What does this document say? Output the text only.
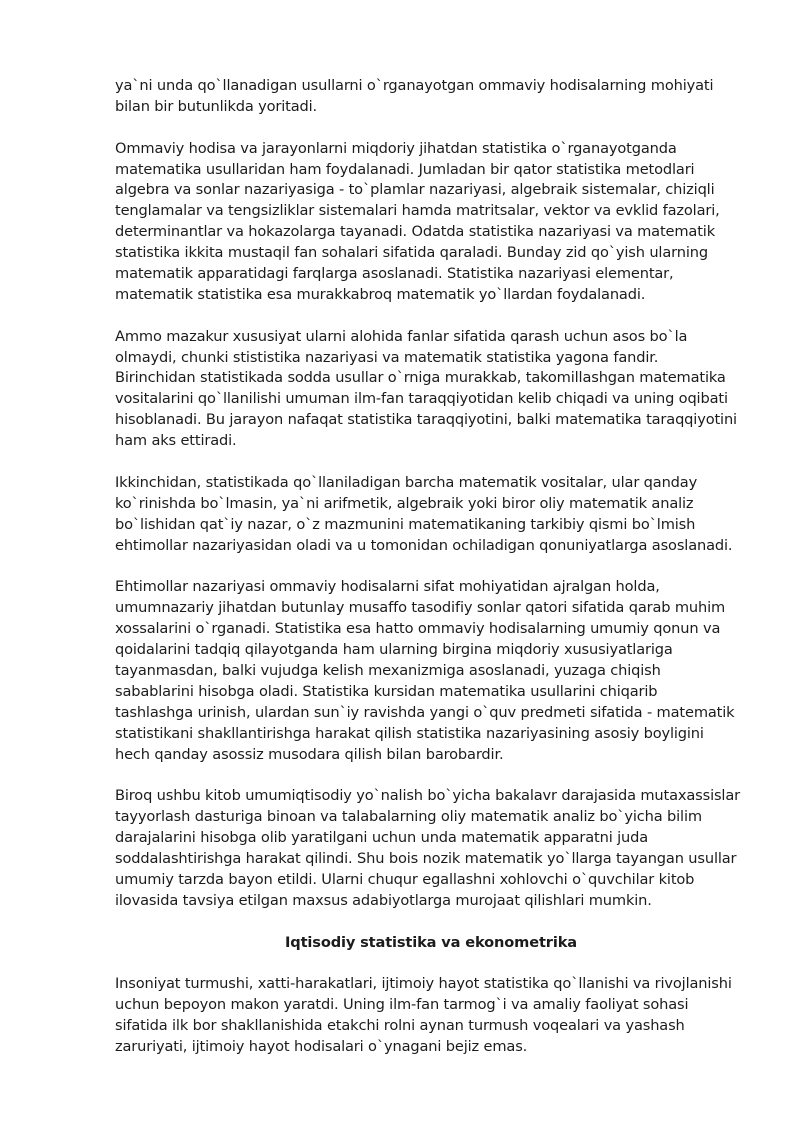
ya`ni unda qo`llanadigan usullarni o`rganayotgan ommaviy hodisalarning mohiyati
bilan bir butunlikda yoritadi.

Ommaviy hodisa va jarayonlarni miqdoriy jihatdan statistika o`rganayotganda
matematika usullaridan ham foydalanadi. Jumladan bir qator statistika metodlari
algebra va sonlar nazariyasiga - to`plamlar nazariyasi, algebraik sistemalar, chiziqli
tenglamalar va tengsizliklar sistemalari hamda matritsalar, vektor va evklid fazolari,
determinantlar va hokazolarga tayanadi. Odatda statistika nazariyasi va matematik
statistika ikkita mustaqil fan sohalari sifatida qaraladi. Bunday zid qo`yish ularning
matematik apparatidagi farqlarga asoslanadi. Statistika nazariyasi elementar,
matematik statistika esa murakkabroq matematik yo`llardan foydalanadi.

Ammo mazakur xususiyat ularni alohida fanlar sifatida qarash uchun asos bo`la
olmaydi, chunki stististika nazariyasi va matematik statistika yagona fandir.
Birinchidan statistikada sodda usullar o`rniga murakkab, takomillashgan matematika
vositalarini qo`llanilishi umuman ilm-fan taraqqiyotidan kelib chiqadi va uning oqibati
hisoblanadi. Bu jarayon nafaqat statistika taraqqiyotini, balki matematika taraqqiyotini
ham aks ettiradi.

Ikkinchidan, statistikada qo`llaniladigan barcha matematik vositalar, ular qanday
ko`rinishda bo`lmasin, ya`ni arifmetik, algebraik yoki biror oliy matematik analiz
bo`lishidan qat`iy nazar, o`z mazmunini matematikaning tarkibiy qismi bo`lmish
ehtimollar nazariyasidan oladi va u tomonidan ochiladigan qonuniyatlarga asoslanadi.

Ehtimollar nazariyasi ommaviy hodisalarni sifat mohiyatidan ajralgan holda,
umumnazariy jihatdan butunlay musaffo tasodifiy sonlar qatori sifatida qarab muhim
xossalarini o`rganadi. Statistika esa hatto ommaviy hodisalarning umumiy qonun va
qoidalarini tadqiq qilayotganda ham ularning birgina miqdoriy xususiyatlariga
tayanmasdan, balki vujudga kelish mexanizmiga asoslanadi, yuzaga chiqish
sabablarini hisobga oladi. Statistika kursidan matematika usullarini chiqarib
tashlashga urinish, ulardan sun`iy ravishda yangi o`quv predmeti sifatida - matematik
statistikani shakllantirishga harakat qilish statistika nazariyasining asosiy boyligini
hech qanday asossiz musodara qilish bilan barobardir.

Biroq ushbu kitob umumiqtisodiy yo`nalish bo`yicha bakalavr darajasida mutaxassislar
tayyorlash dasturiga binoan va talabalarning oliy matematik analiz bo`yicha bilim
darajalarini hisobga olib yaratilgani uchun unda matematik apparatni juda
soddalashtirishga harakat qilindi. Shu bois nozik matematik yo`llarga tayangan usullar
umumiy tarzda bayon etildi. Ularni chuqur egallashni xohlovchi o`quvchilar kitob
ilovasida tavsiya etilgan maxsus adabiyotlarga murojaat qilishlari mumkin.

Iqtisodiy statistika va ekonometrika

Insoniyat turmushi, xatti-harakatlari, ijtimoiy hayot statistika qo`llanishi va rivojlanishi
uchun bepoyon makon yaratdi. Uning ilm-fan tarmog`i va amaliy faoliyat sohasi
sifatida ilk bor shakllanishida etakchi rolni aynan turmush voqealari va yashash
zaruriyati, ijtimoiy hayot hodisalari o`ynagani bejiz emas.
